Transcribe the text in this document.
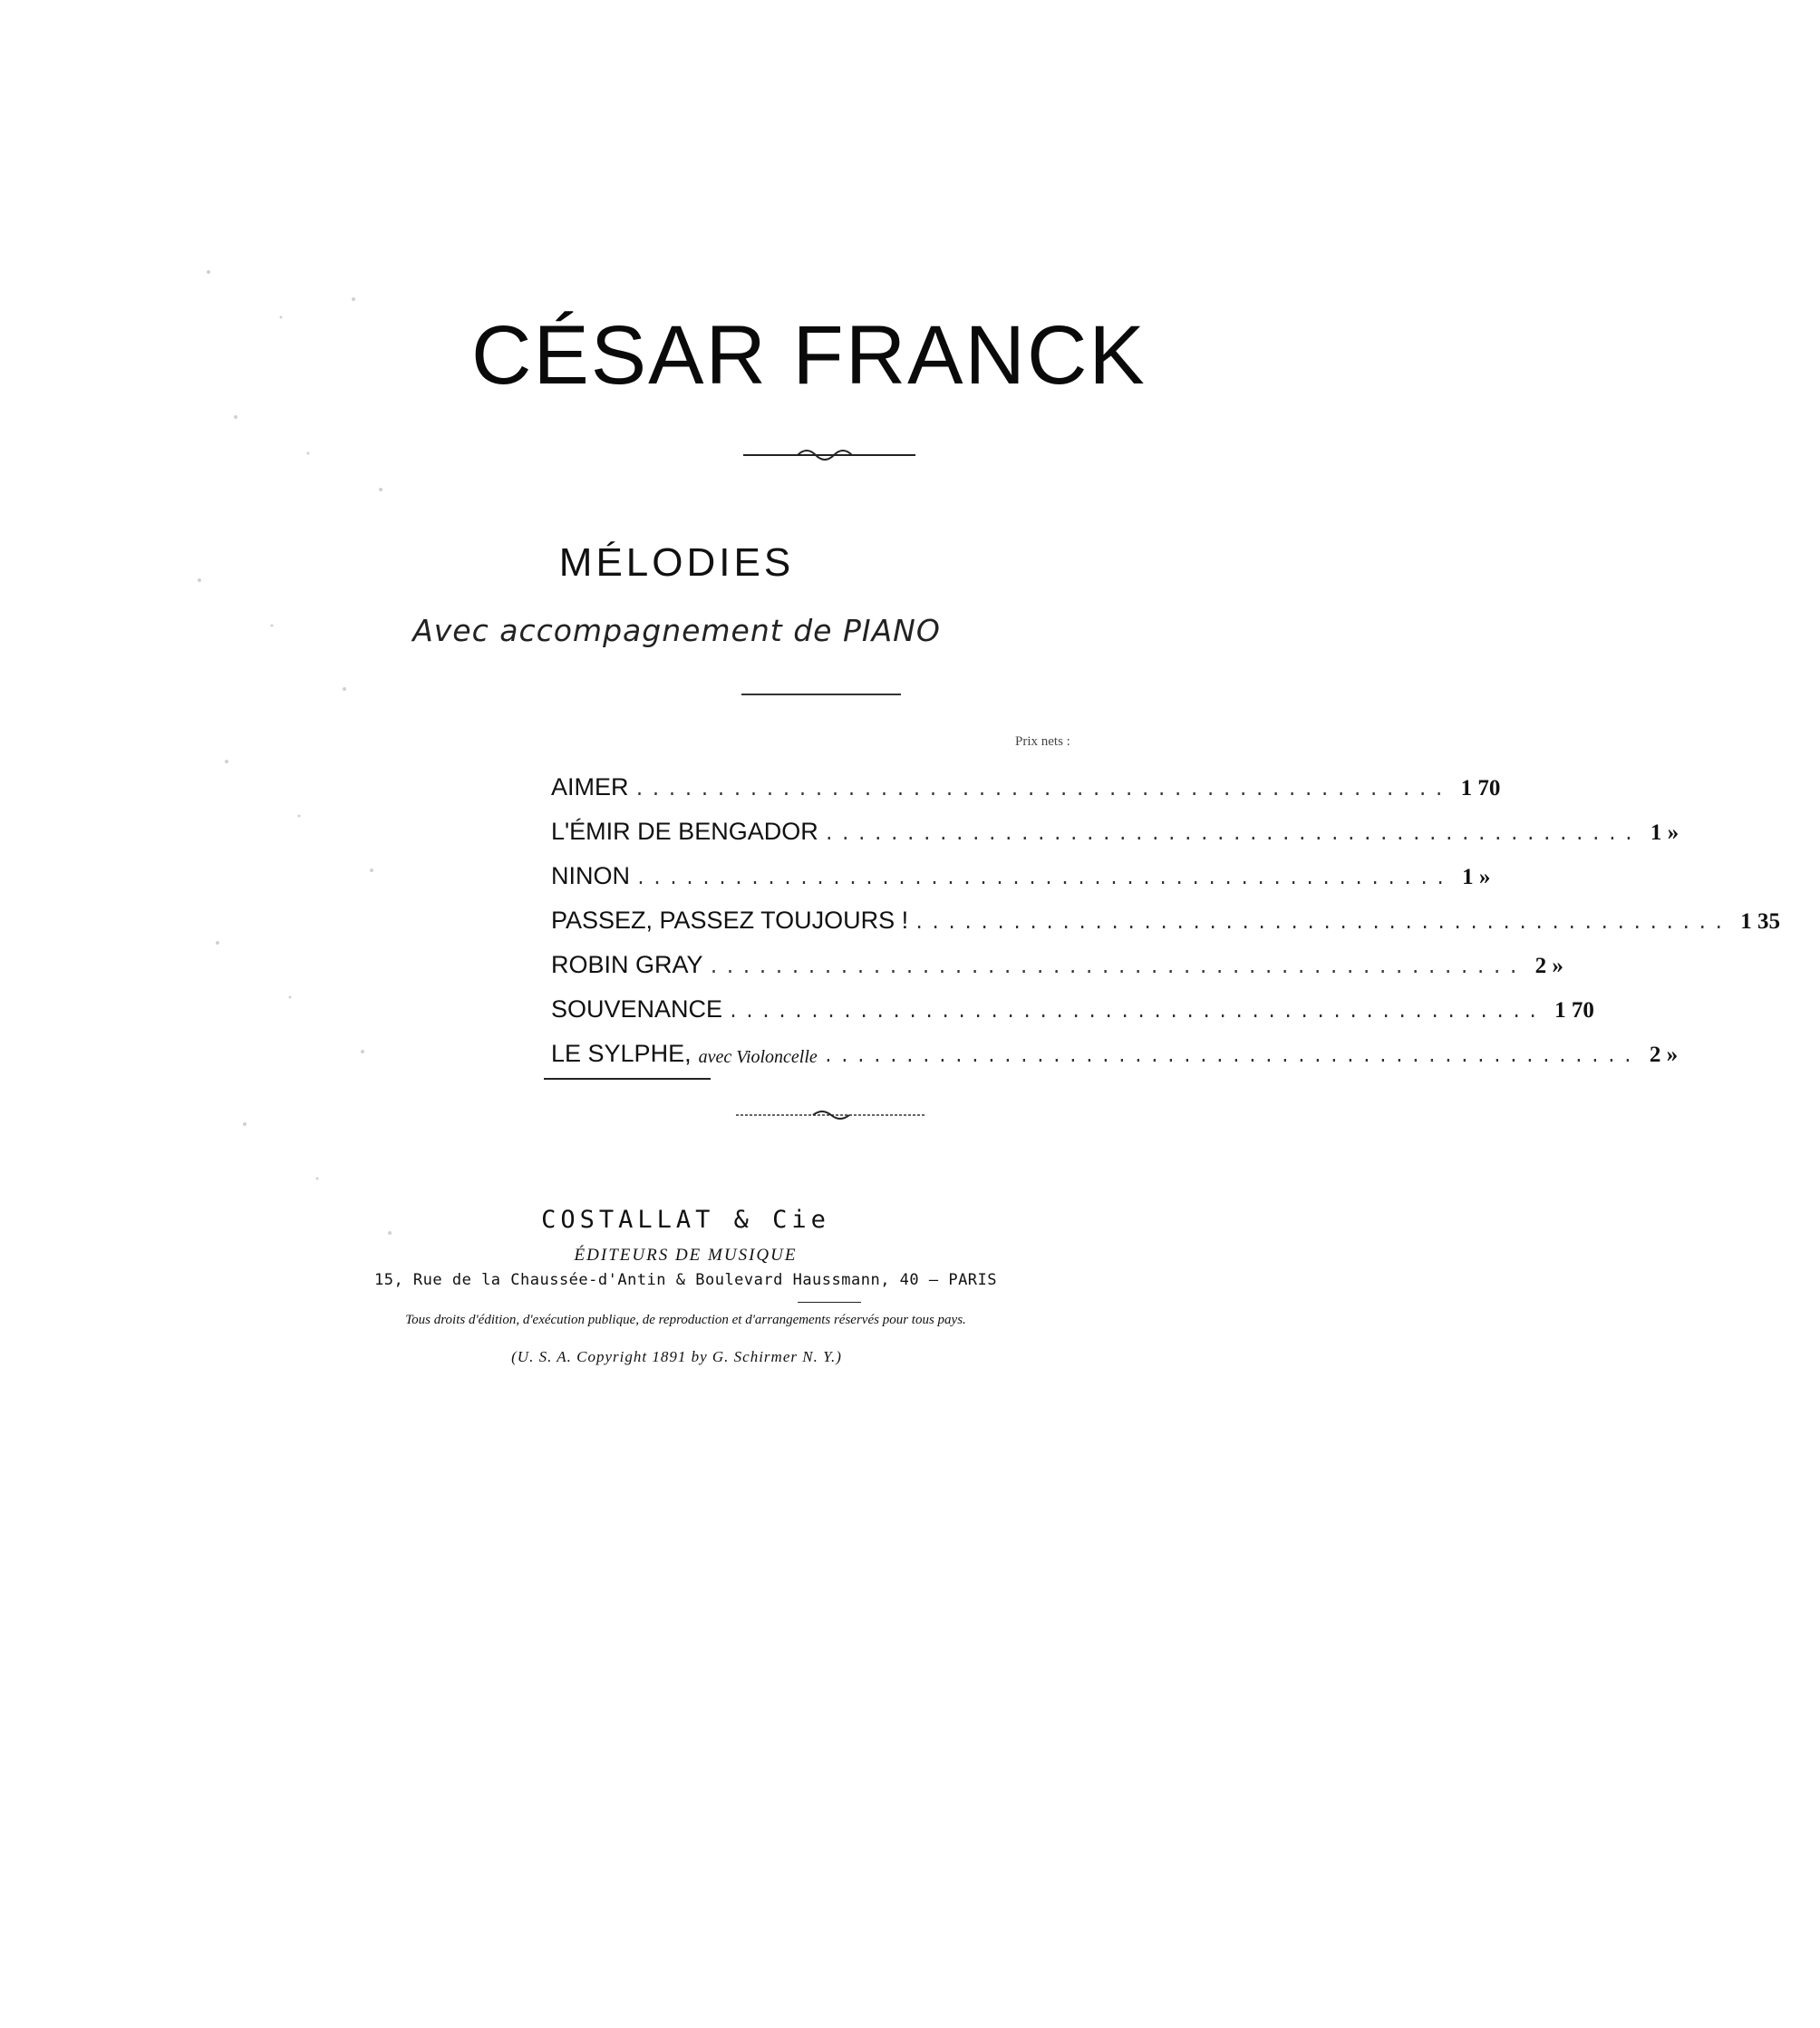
CÉSAR FRANCK
MÉLODIES
Avec accompagnement de PIANO
Prix nets :
AIMER .................................................. 1 70
L'ÉMIR DE BENGADOR .................................................. 1 »
NINON .................................................. 1 »
PASSEZ, PASSEZ TOUJOURS ! .................................................. 1 35
ROBIN GRAY .................................................. 2 »
SOUVENANCE .................................................. 1 70
LE SYLPHE, avec Violoncelle .................................................. 2 »
COSTALLAT & Cie
ÉDITEURS DE MUSIQUE
15, Rue de la Chaussée-d'Antin & Boulevard Haussmann, 40 — PARIS
Tous droits d'édition, d'exécution publique, de reproduction et d'arrangements réservés pour tous pays.
(U. S. A. Copyright 1891 by G. Schirmer N. Y.)
